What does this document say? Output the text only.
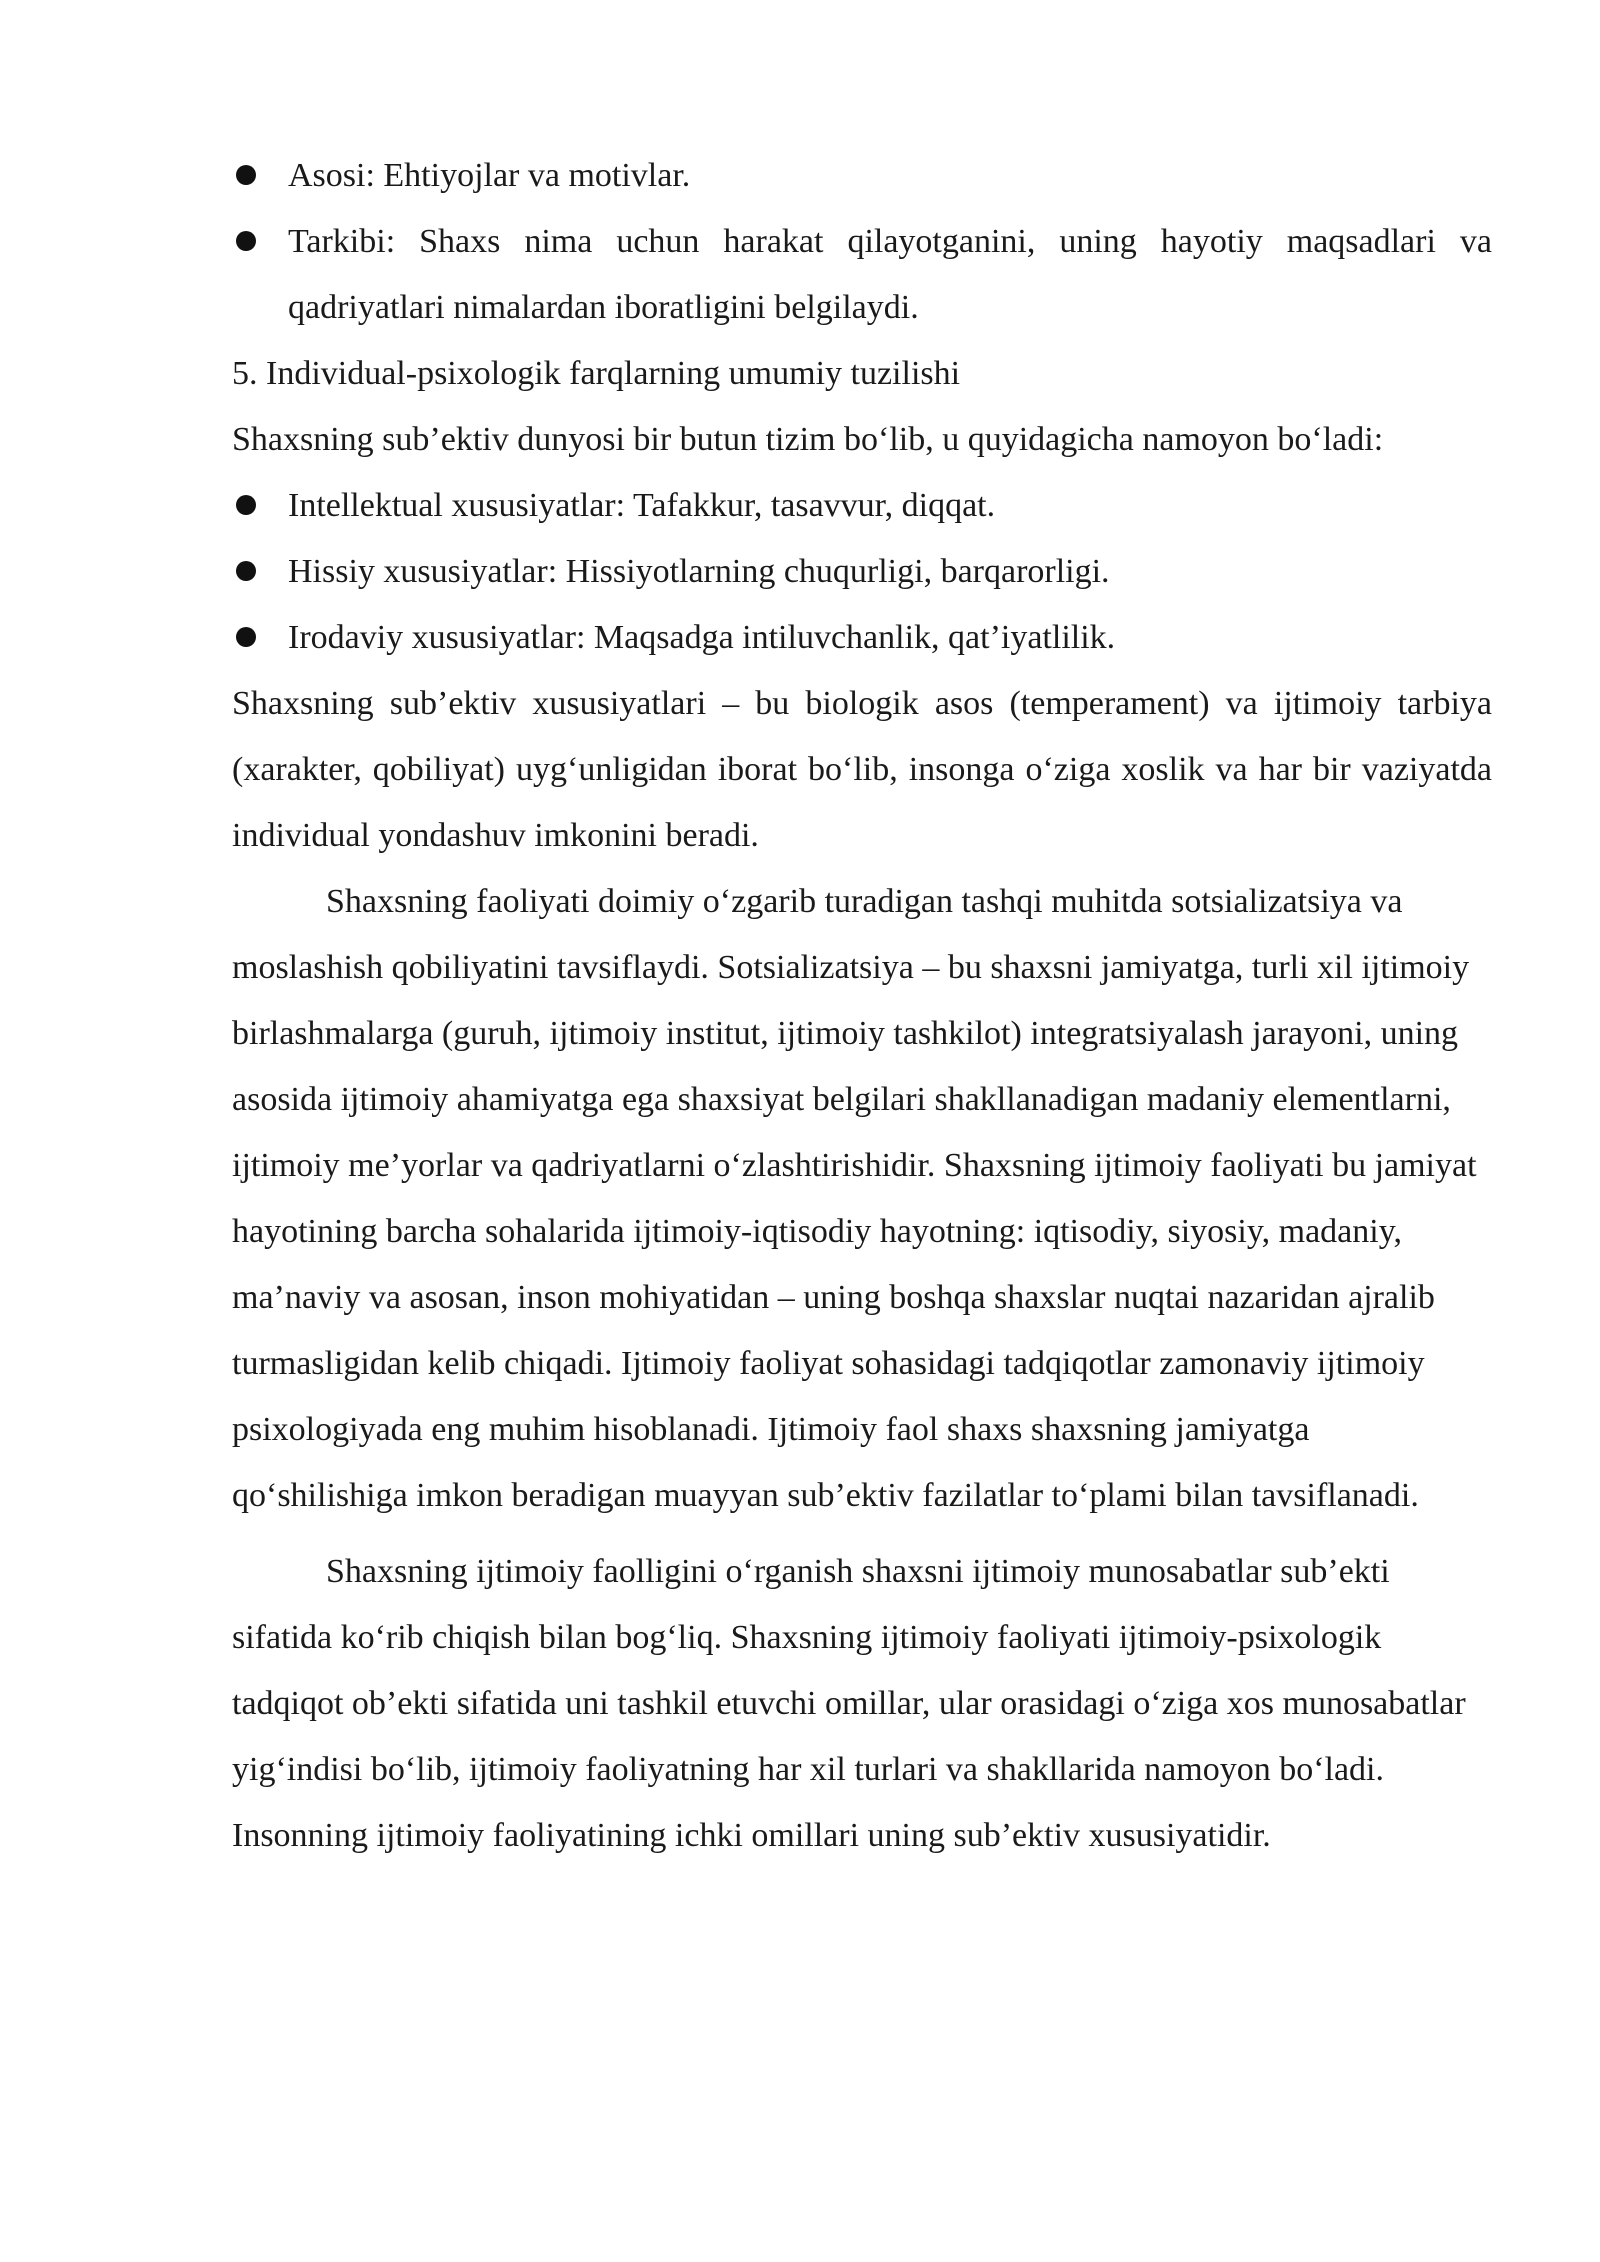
Asosi: Ehtiyojlar va motivlar.

Tarkibi: Shaxs nima uchun harakat qilayotganini, uning hayotiy maqsadlari va qadriyatlari nimalardan iboratligini belgilaydi.

5. Individual-psixologik farqlarning umumiy tuzilishi

Shaxsning sub’ektiv dunyosi bir butun tizim bo‘lib, u quyidagicha namoyon bo‘ladi:

Intellektual xususiyatlar: Tafakkur, tasavvur, diqqat.

Hissiy xususiyatlar: Hissiyotlarning chuqurligi, barqarorligi.

Irodaviy xususiyatlar: Maqsadga intiluvchanlik, qat’iyatlilik.

Shaxsning sub’ektiv xususiyatlari – bu biologik asos (temperament) va ijtimoiy tarbiya (xarakter, qobiliyat) uyg‘unligidan iborat bo‘lib, insonga o‘ziga xoslik va har bir vaziyatda individual yondashuv imkonini beradi.

Shaxsning faoliyati doimiy o‘zgarib turadigan tashqi muhitda sotsializatsiya va moslashish qobiliyatini tavsiflaydi. Sotsializatsiya – bu shaxsni jamiyatga, turli xil ijtimoiy birlashmalarga (guruh, ijtimoiy institut, ijtimoiy tashkilot) integratsiyalash jarayoni, uning asosida ijtimoiy ahamiyatga ega shaxsiyat belgilari shakllanadigan madaniy elementlarni, ijtimoiy me’yorlar va qadriyatlarni o‘zlashtirishidir. Shaxsning ijtimoiy faoliyati bu jamiyat hayotining barcha sohalarida ijtimoiy-iqtisodiy hayotning: iqtisodiy, siyosiy, madaniy, ma’naviy va asosan, inson mohiyatidan – uning boshqa shaxslar nuqtai nazaridan ajralib turmasligidan kelib chiqadi. Ijtimoiy faoliyat sohasidagi tadqiqotlar zamonaviy ijtimoiy psixologiyada eng muhim hisoblanadi. Ijtimoiy faol shaxs shaxsning jamiyatga qo‘shilishiga imkon beradigan muayyan sub’ektiv fazilatlar to‘plami bilan tavsiflanadi.

Shaxsning ijtimoiy faolligini o‘rganish shaxsni ijtimoiy munosabatlar sub’ekti sifatida ko‘rib chiqish bilan bog‘liq. Shaxsning ijtimoiy faoliyati ijtimoiy-psixologik tadqiqot ob’ekti sifatida uni tashkil etuvchi omillar, ular orasidagi o‘ziga xos munosabatlar yig‘indisi bo‘lib, ijtimoiy faoliyatning har xil turlari va shakllarida namoyon bo‘ladi. Insonning ijtimoiy faoliyatining ichki omillari uning sub’ektiv xususiyatidir.
